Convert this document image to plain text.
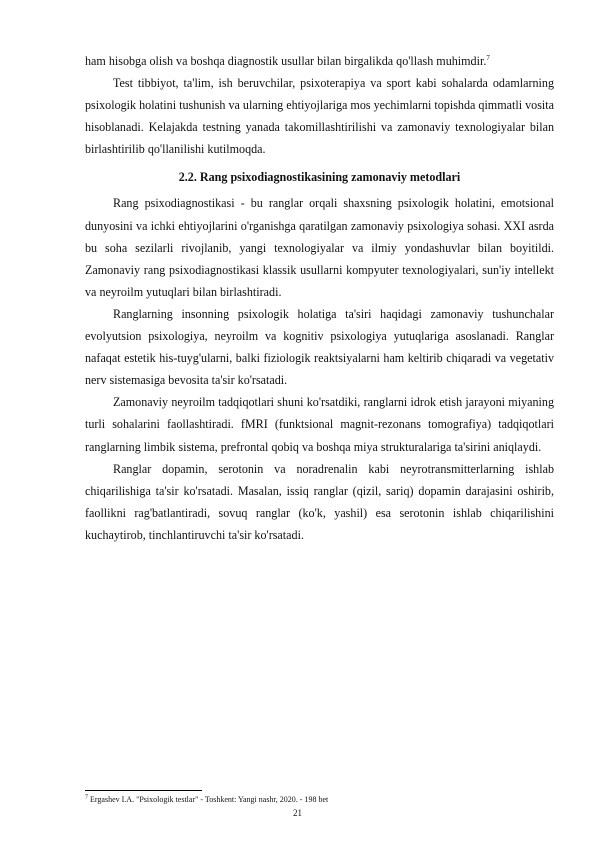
ham hisobga olish va boshqa diagnostik usullar bilan birgalikda qo'llash muhimdir.$^7$

Test tibbiyot, ta'lim, ish beruvchilar, psixoterapiya va sport kabi sohalarda odamlarning psixologik holatini tushunish va ularning ehtiyojlariga mos yechimlarni topishda qimmatli vosita hisoblanadi. Kelajakda testning yanada takomillashtirilishi va zamonaviy texnologiyalar bilan birlashtirilib qo'llanilishi kutilmoqda.

2.2. Rang psixodiagnostikasining zamonaviy metodlari

Rang psixodiagnostikasi - bu ranglar orqali shaxsning psixologik holatini, emotsional dunyosini va ichki ehtiyojlarini o'rganishga qaratilgan zamonaviy psixologiya sohasi. XXI asrda bu soha sezilarli rivojlanib, yangi texnologiyalar va ilmiy yondashuvlar bilan boyitildi. Zamonaviy rang psixodiagnostikasi klassik usullarni kompyuter texnologiyalari, sun'iy intellekt va neyroilm yutuqlari bilan birlashtiradi.

Ranglarning insonning psixologik holatiga ta'siri haqidagi zamonaviy tushunchalar evolyutsion psixologiya, neyroilm va kognitiv psixologiya yutuqlariga asoslanadi. Ranglar nafaqat estetik his-tuyg'ularni, balki fiziologik reaktsiyalarni ham keltirib chiqaradi va vegetativ nerv sistemasiga bevosita ta'sir ko'rsatadi.

Zamonaviy neyroilm tadqiqotlari shuni ko'rsatdiki, ranglarni idrok etish jarayoni miyaning turli sohalarini faollashtiradi. fMRI (funktsional magnit-rezonans tomografiya) tadqiqotlari ranglarning limbik sistema, prefrontal qobiq va boshqa miya strukturalariga ta'sirini aniqlaydi.

Ranglar dopamin, serotonin va noradrenalin kabi neyrotransmitterlarning ishlab chiqarilishiga ta'sir ko'rsatadi. Masalan, issiq ranglar (qizil, sariq) dopamin darajasini oshirib, faollikni rag'batlantiradi, sovuq ranglar (ko'k, yashil) esa serotonin ishlab chiqarilishini kuchaytirob, tinchlantiruvchi ta'sir ko'rsatadi.

$^7$ Ergashev I.A. "Psixologik testlar" - Toshkent: Yangi nashr, 2020. - 198 bet
21
